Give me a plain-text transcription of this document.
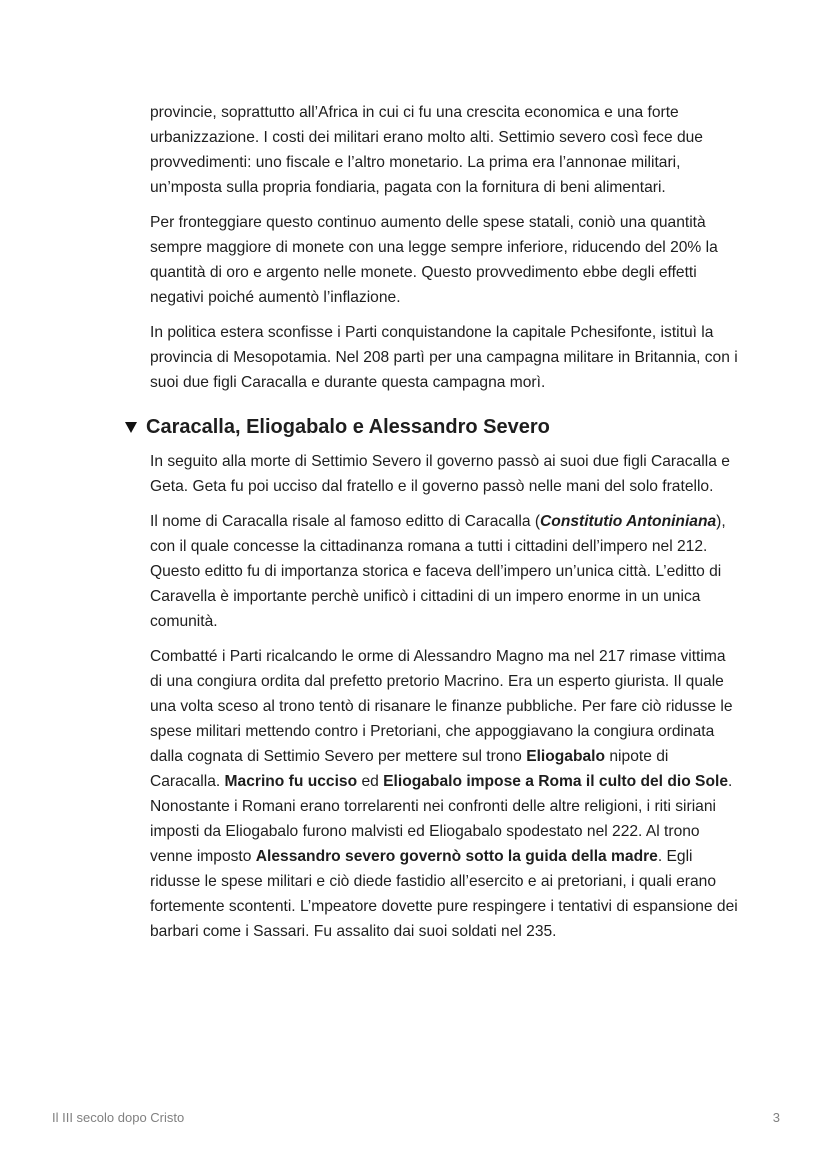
provincie, soprattutto all’Africa in cui ci fu una crescita economica e una forte urbanizzazione. I costi dei militari erano molto alti. Settimio severo così fece due provvedimenti: uno fiscale e l’altro monetario. La prima era l’annonae militari, un’mposta sulla propria fondiaria, pagata con la fornitura di beni alimentari.

Per fronteggiare questo continuo aumento delle spese statali, coniò una quantità sempre maggiore di monete con una legge sempre inferiore, riducendo del 20% la quantità di oro e argento nelle monete. Questo provvedimento ebbe degli effetti negativi poiché aumentò l’inflazione.

In politica estera sconfisse i Parti conquistandone la capitale Pchesifonte, istituì la provincia di Mesopotamia. Nel 208 partì per una campagna militare in Britannia, con i suoi due figli Caracalla e durante questa campagna morì.

Caracalla, Eliogabalo e Alessandro Severo

In seguito alla morte di Settimio Severo il governo passò ai suoi due figli Caracalla e Geta. Geta fu poi ucciso dal fratello e il governo passò nelle mani del solo fratello.

Il nome di Caracalla risale al famoso editto di Caracalla (Constitutio Antoniniana), con il quale concesse la cittadinanza romana a tutti i cittadini dell’impero nel 212. Questo editto fu di importanza storica e faceva dell’impero un’unica città. L’editto di Caravella è importante perchè unificò i cittadini di un impero enorme in un unica comunità.

Combatté i Parti ricalcando le orme di Alessandro Magno ma nel 217 rimase vittima di una congiura ordita dal prefetto pretorio Macrino. Era un esperto giurista. Il quale una volta sceso al trono tentò di risanare le finanze pubbliche. Per fare ciò ridusse le spese militari mettendo contro i Pretoriani, che appoggiavano la congiura ordinata dalla cognata di Settimio Severo per mettere sul trono Eliogabalo nipote di Caracalla. Macrino fu ucciso ed Eliogabalo impose a Roma il culto del dio Sole. Nonostante i Romani erano torrelarenti nei confronti delle altre religioni, i riti siriani imposti da Eliogabalo furono malvisti ed Eliogabalo spodestato nel 222. Al trono venne imposto Alessandro severo governò sotto la guida della madre. Egli ridusse le spese militari e ciò diede fastidio all’esercito e ai pretoriani, i quali erano fortemente scontenti. L’mpeatore dovette pure respingere i tentativi di espansione dei barbari come i Sassari. Fu assalito dai suoi soldati nel 235.

Il III secolo dopo Cristo	3
